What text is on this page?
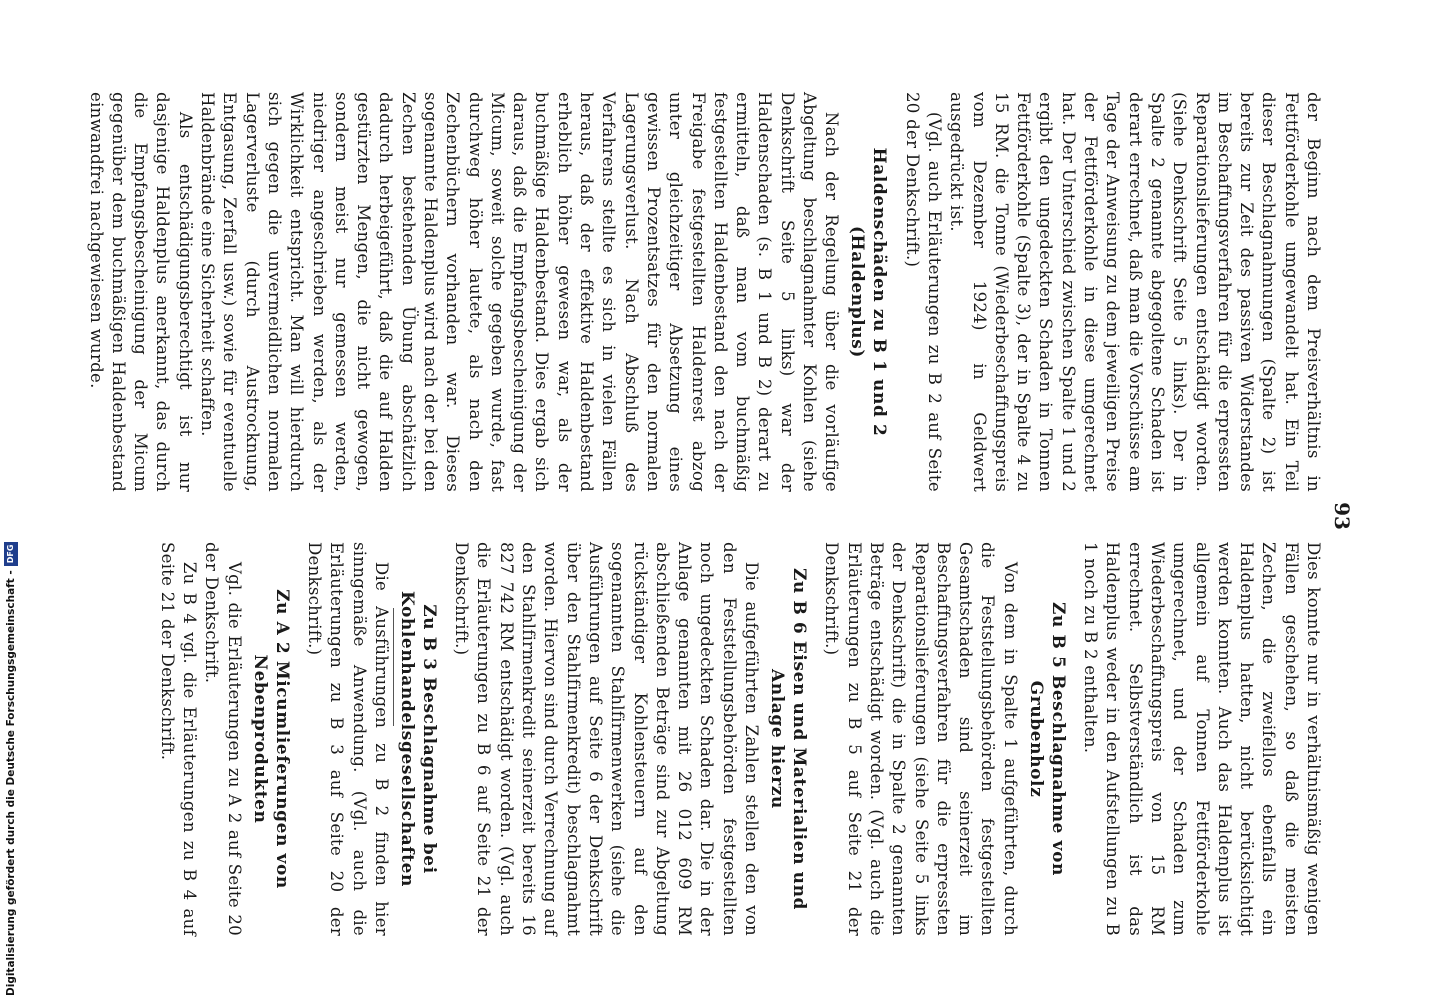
93

der Beginn nach dem Preisverhältnis in Fettförderkohle umgewandelt hat. Ein Teil dieser Beschlagnahmungen (Spalte 2) ist bereits zur Zeit des passiven Widerstandes im Beschaffungsverfahren für die erpressten Reparationslieferungen entschädigt worden. (Siehe Denkschrift Seite 5 links). Der in Spalte 2 genannte abgegoltene Schaden ist derart errechnet, daß man die Vorschüsse am Tage der Anweisung zu dem jeweiligen Preise der Fettförderkohle in diese umgerechnet hat. Der Unterschied zwischen Spalte 1 und 2 ergibt den ungedeckten Schaden in Tonnen Fettförderkohle (Spalte 3), der in Spalte 4 zu 15 RM. die Tonne (Wiederbeschaffungspreis vom Dezember 1924) in Geldwert ausgedrückt ist.

(Vgl. auch Erläuterungen zu B 2 auf Seite 20 der Denkschrift.)

Haldenschäden zu B 1 und 2 (Haldenplus)

Nach der Regelung über die vorläufige Abgeltung beschlagnahmter Kohlen (siehe Denkschrift Seite 5 links) war der Haldenschaden (s. B 1 und B 2) derart zu ermitteln, daß man vom buchmäßig festgestellten Haldenbestand den nach der Freigabe festgestellten Haldenrest abzog unter gleichzeitiger Absetzung eines gewissen Prozentsatzes für den normalen Lagerungsverlust. Nach Abschluß des Verfahrens stellte es sich in vielen Fällen heraus, daß der effektive Haldenbestand erheblich höher gewesen war, als der buchmäßige Haldenbestand. Dies ergab sich daraus, daß die Empfangsbescheinigung der Micum, soweit solche gegeben wurde, fast durchweg höher lautete, als nach den Zechenbüchern vorhanden war. Dieses sogenannte Haldenplus wird nach der bei den Zechen bestehenden Übung abschätzlich dadurch herbeigeführt, daß die auf Halden gestürzten Mengen, die nicht gewogen, sondern meist nur gemessen werden, niedriger angeschrieben werden, als der Wirklichkeit entspricht. Man will hierdurch sich gegen die unvermeidlichen normalen Lagerverluste (durch Austrocknung, Entgasung, Zerfall usw.) sowie für eventuelle Haldenbrände eine Sicherheit schaffen.

Als entschädigungsberechtigt ist nur dasjenige Haldenplus anerkannt, das durch die Empfangsbescheinigung der Micum gegenüber dem buchmäßigen Haldenbestand einwandfrei nachgewiesen wurde.

Dies konnte nur in verhältnismäßig wenigen Fällen geschehen, so daß die meisten Zechen, die zweifellos ebenfalls ein Haldenplus hatten, nicht berücksichtigt werden konnten. Auch das Haldenplus ist allgemein auf Tonnen Fettförderkohle umgerechnet, und der Schaden zum Wiederbeschaffungspreis von 15 RM errechnet. Selbstverständlich ist das Haldenplus weder in den Aufstellungen zu B 1 noch zu B 2 enthalten.

Zu B 5 Beschlagnahme von Grubenholz

Von dem in Spalte 1 aufgeführten, durch die Feststellungsbehörden festgestellten Gesamtschaden sind seinerzeit im Beschaffungsverfahren für die erpressten Reparationslieferungen (siehe Seite 5 links der Denkschrift) die in Spalte 2 genannten Beträge entschädigt worden. (Vgl. auch die Erläuterungen zu B 5 auf Seite 21 der Denkschrift.)

Zu B 6 Eisen und Materialien und Anlage hierzu

Die aufgeführten Zahlen stellen den von den Feststellungsbehörden festgestellten noch ungedeckten Schaden dar. Die in der Anlage genannten mit 26 012 609 RM abschließenden Beträge sind zur Abgeltung rückständiger Kohlensteuern auf den sogenannten Stahlfirmenwerken (siehe die Ausführungen auf Seite 6 der Denkschrift über den Stahlfirmenkredit) beschlagnahmt worden. Hiervon sind durch Verrechnung auf den Stahlfirmenkredit seinerzeit bereits 16 827 742 RM entschädigt worden. (Vgl. auch die Erläuterungen zu B 6 auf Seite 21 der Denkschrift.)

Zu B 3 Beschlagnahme bei Kohlenhandelsgesellschaften

Die Ausführungen zu B 2 finden hier sinngemäße Anwendung. (Vgl. auch die Erläuterungen zu B 3 auf Seite 20 der Denkschrift.)

Zu A 2 Micumlieferungen von Nebenprodukten

Vgl. die Erläuterungen zu A 2 auf Seite 20 der Denkschrift.

Zu B 4 vgl. die Erläuterungen zu B 4 auf Seite 21 der Denkschrift.

Digitalisierung gefördert durch die Deutsche Forschungsgemeinschaft -
DFG
